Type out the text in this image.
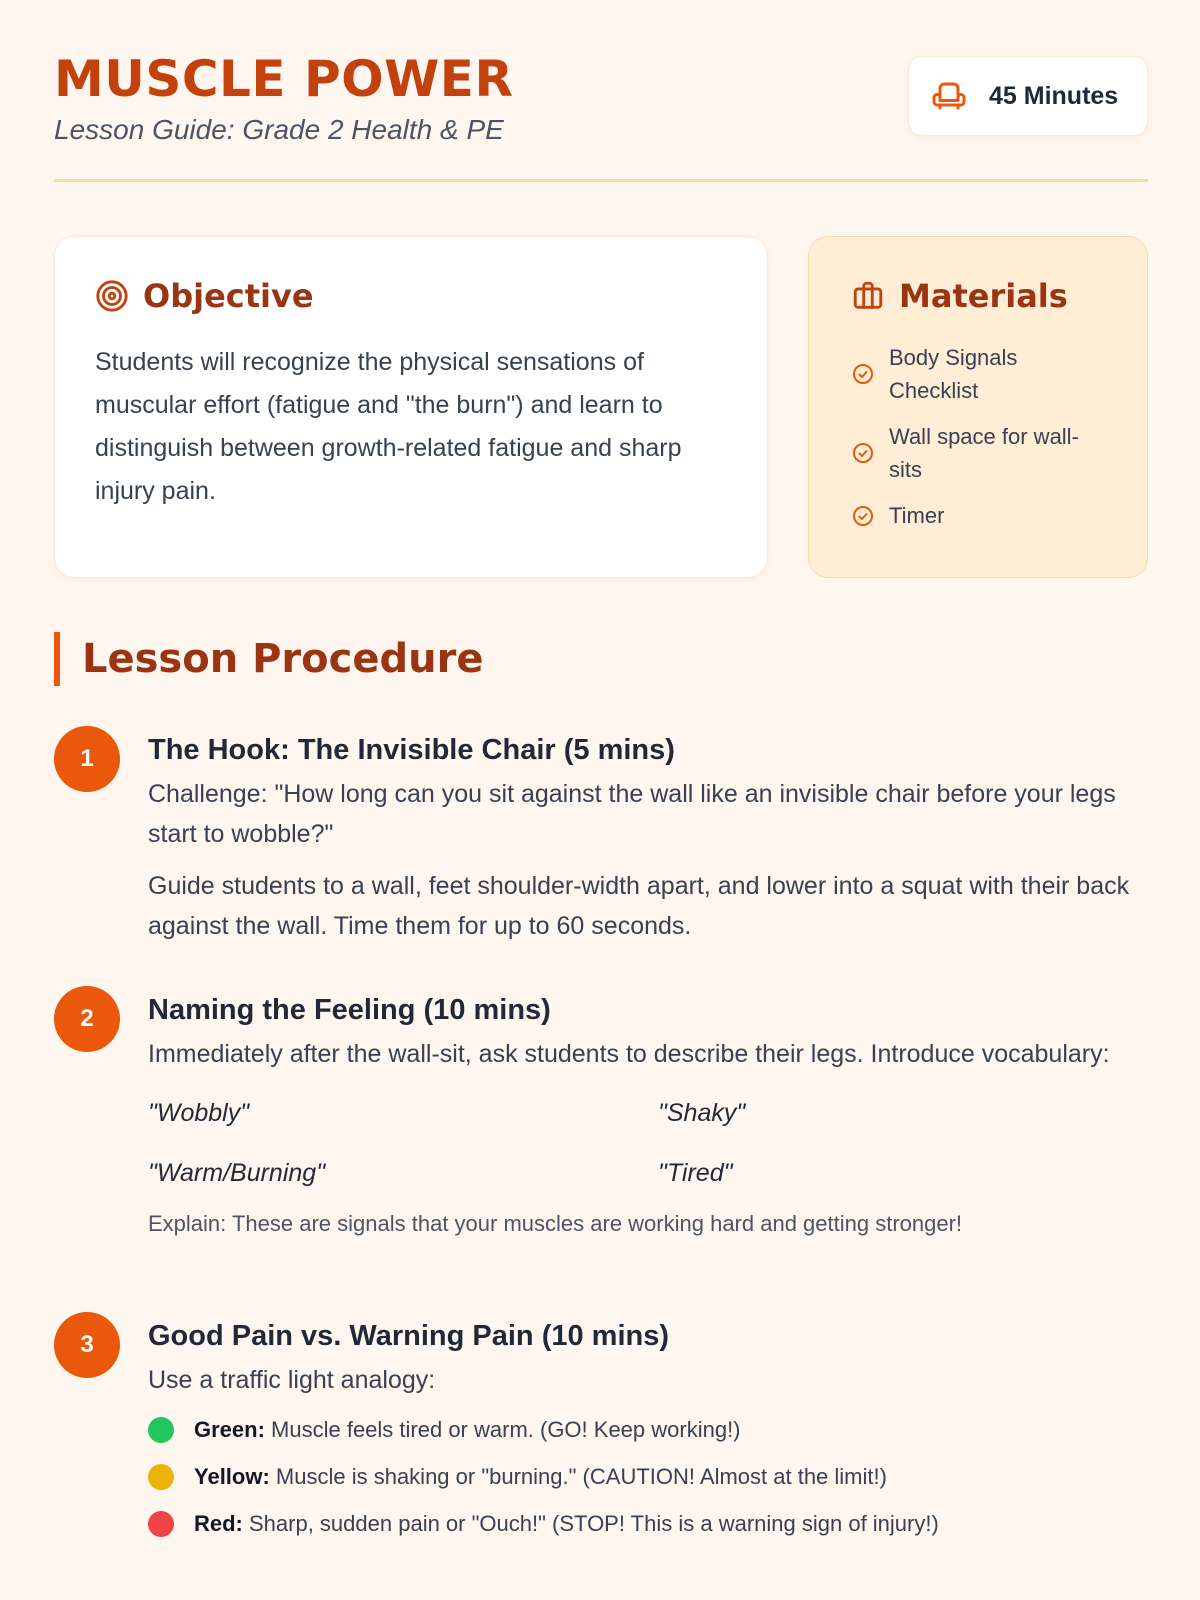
MUSCLE POWER
Lesson Guide: Grade 2 Health & PE
45 Minutes
Objective

Students will recognize the physical sensations of muscular effort (fatigue and "the burn") and learn to distinguish between growth-related fatigue and sharp injury pain.

Materials
Body Signals Checklist
Wall space for wall-sits
Timer
Lesson Procedure
1	The Hook: The Invisible Chair (5 mins)

Challenge: "How long can you sit against the wall like an invisible chair before your legs start to wobble?"

Guide students to a wall, feet shoulder-width apart, and lower into a squat with their back against the wall. Time them for up to 60 seconds.

2	Naming the Feeling (10 mins)

Immediately after the wall-sit, ask students to describe their legs. Introduce vocabulary:

"Wobbly"	"Shaky"
"Warm/Burning"	"Tired"

Explain: These are signals that your muscles are working hard and getting stronger!

3	Good Pain vs. Warning Pain (10 mins)

Use a traffic light analogy:

Green: Muscle feels tired or warm. (GO! Keep working!)
Yellow: Muscle is shaking or "burning." (CAUTION! Almost at the limit!)
Red: Sharp, sudden pain or "Ouch!" (STOP! This is a warning sign of injury!)
